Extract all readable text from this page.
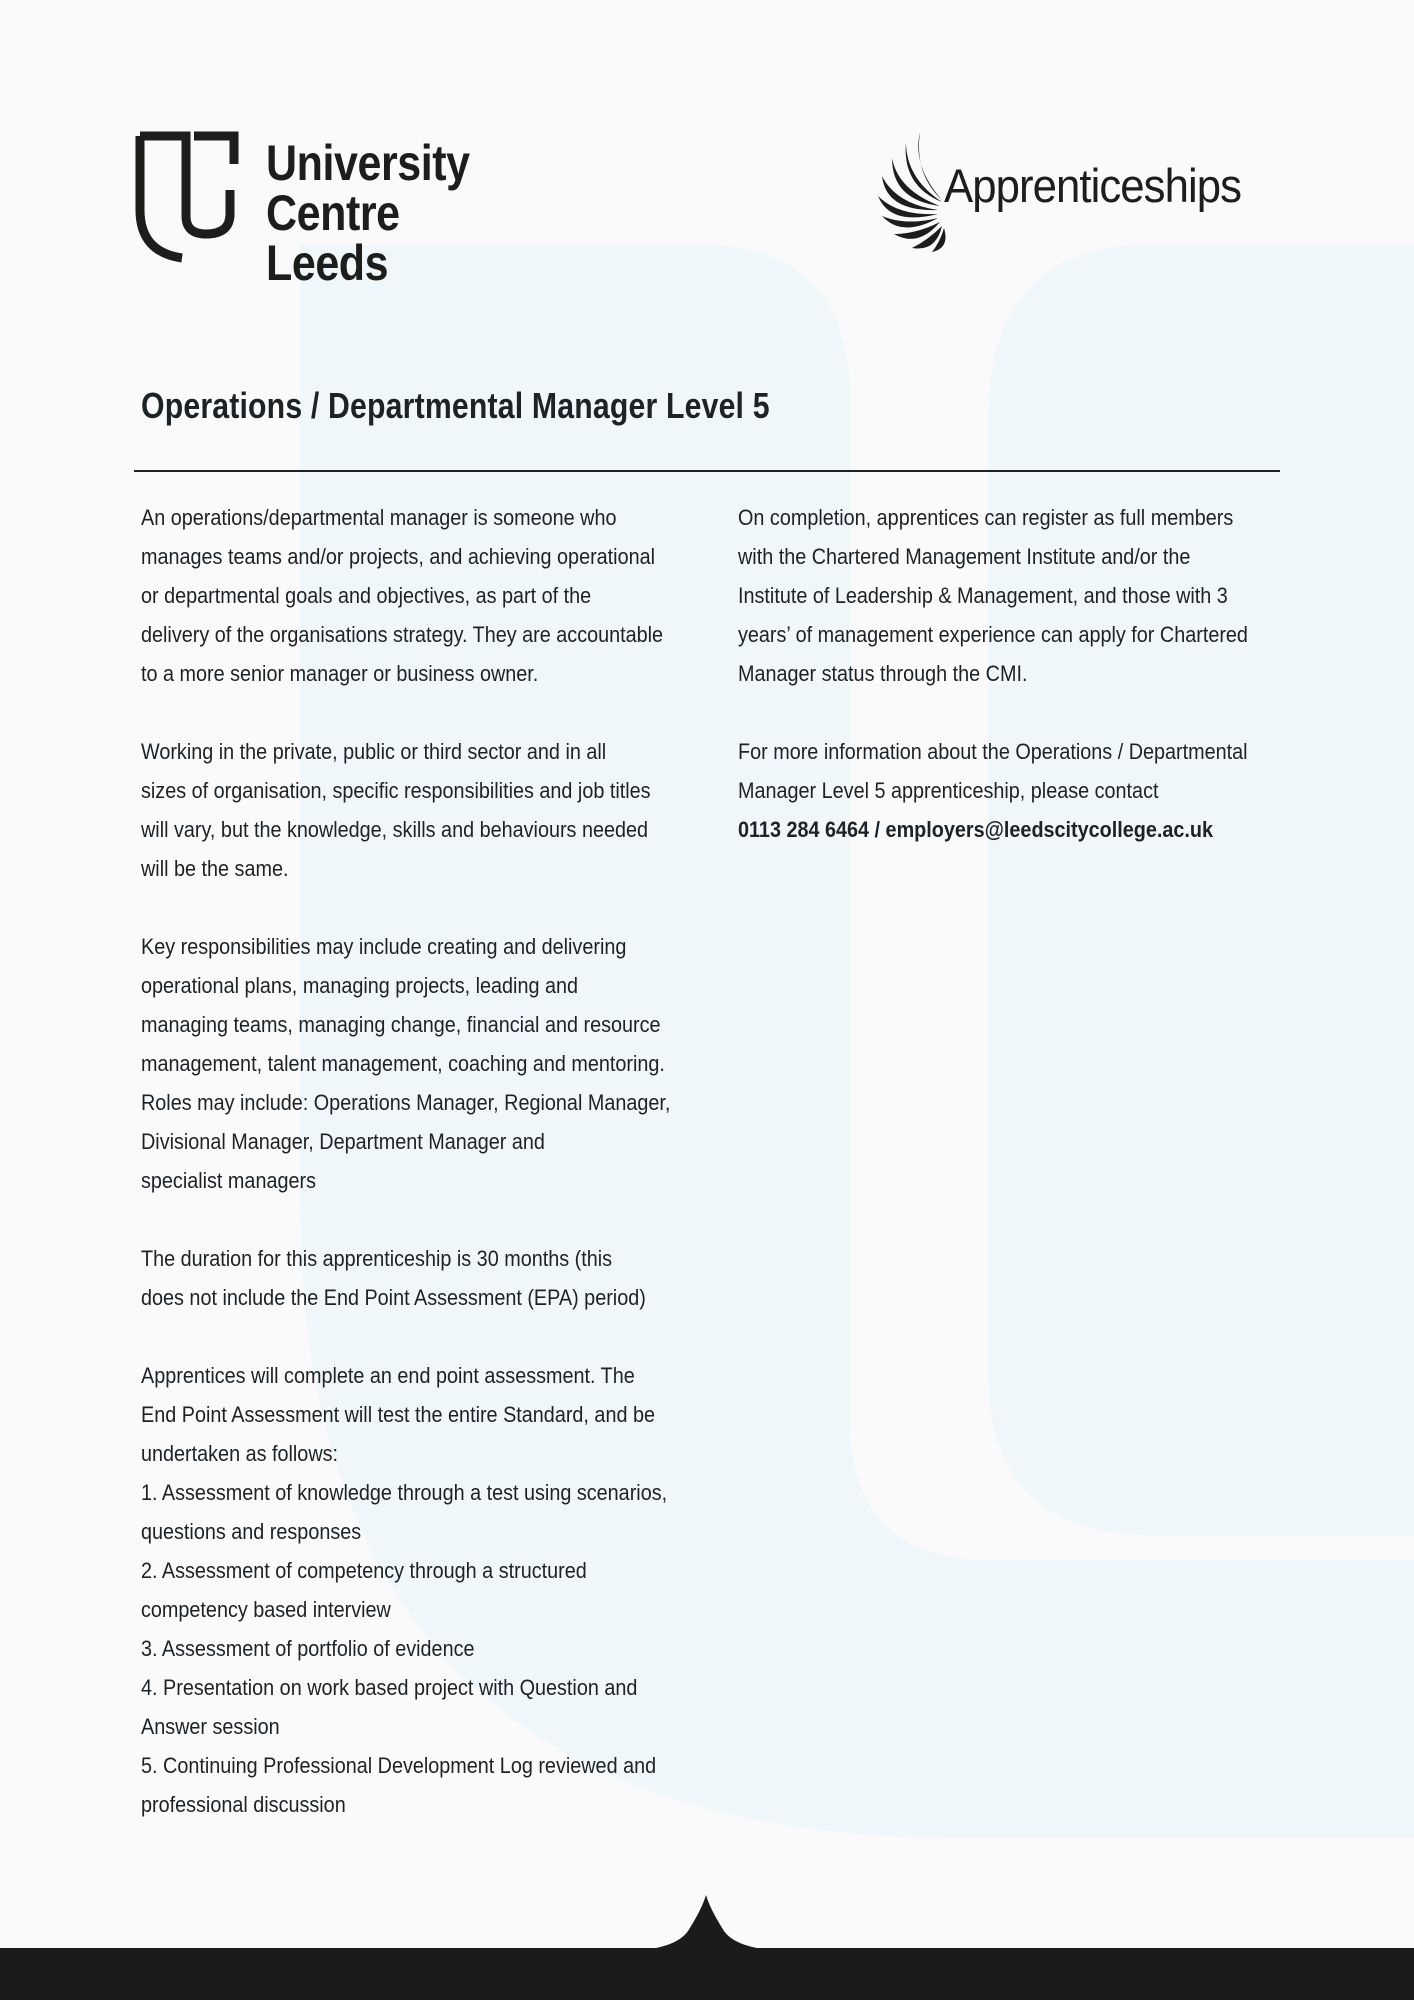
University
Centre Leeds
Apprenticeships
Operations / Departmental Manager Level 5

An operations/departmental manager is someone who
manages teams and/or projects, and achieving operational
or departmental goals and objectives, as part of the
delivery of the organisations strategy. They are accountable
to a more senior manager or business owner.

Working in the private, public or third sector and in all
sizes of organisation, specific responsibilities and job titles
will vary, but the knowledge, skills and behaviours needed
will be the same.

Key responsibilities may include creating and delivering
operational plans, managing projects, leading and
managing teams, managing change, financial and resource
management, talent management, coaching and mentoring.
Roles may include: Operations Manager, Regional Manager,
Divisional Manager, Department Manager and
specialist managers

The duration for this apprenticeship is 30 months (this
does not include the End Point Assessment (EPA) period)

Apprentices will complete an end point assessment. The
End Point Assessment will test the entire Standard, and be
undertaken as follows:
1. Assessment of knowledge through a test using scenarios,
questions and responses
2. Assessment of competency through a structured
competency based interview
3. Assessment of portfolio of evidence
4. Presentation on work based project with Question and
Answer session
5. Continuing Professional Development Log reviewed and
professional discussion

On completion, apprentices can register as full members
with the Chartered Management Institute and/or the
Institute of Leadership & Management, and those with 3
years’ of management experience can apply for Chartered
Manager status through the CMI.

For more information about the Operations / Departmental
Manager Level 5 apprenticeship, please contact
0113 284 6464 / employers@leedscitycollege.ac.uk
